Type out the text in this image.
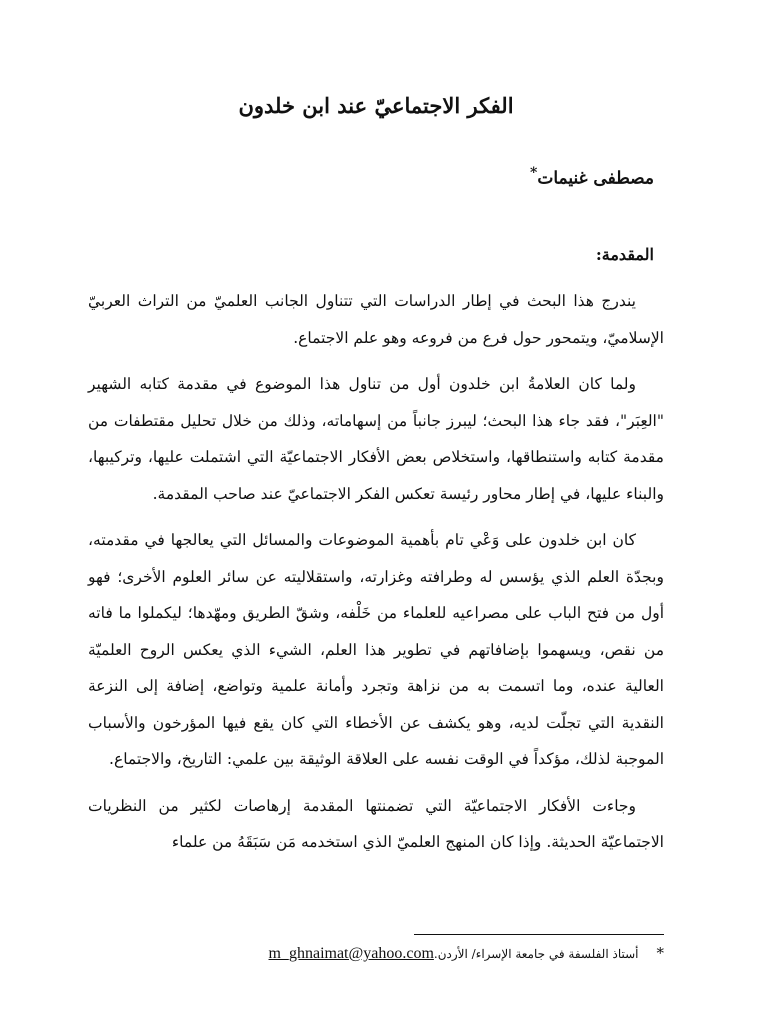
الفكر الاجتماعيّ عند ابن خلدون

مصطفى غنيمات*

المقدمة:

يندرج هذا البحث في إطار الدراسات التي تتناول الجانب العلميّ من التراث العربيّ الإسلاميّ، ويتمحور حول فرع من فروعه وهو علم الاجتماع.

ولما كان العلامةُ ابن خلدون أول من تناول هذا الموضوع في مقدمة كتابه الشهير "العِبَر"، فقد جاء هذا البحث؛ ليبرز جانباً من إسهاماته، وذلك من خلال تحليل مقتطفات من مقدمة كتابه واستنطاقها، واستخلاص بعض الأفكار الاجتماعيّة التي اشتملت عليها، وتركيبها، والبناء عليها، في إطار محاور رئيسة تعكس الفكر الاجتماعيّ عند صاحب المقدمة.

كان ابن خلدون على وَعْي تام بأهمية الموضوعات والمسائل التي يعالجها في مقدمته، وبجدّة العلم الذي يؤسس له وطرافته وغزارته، واستقلاليته عن سائر العلوم الأخرى؛ فهو أول من فتح الباب على مصراعيه للعلماء من خَلْفه، وشقّ الطريق ومهّدها؛ ليكملوا ما فاته من نقص، ويسهموا بإضافاتهم في تطوير هذا العلم، الشيء الذي يعكس الروح العلميّة العالية عنده، وما اتسمت به من نزاهة وتجرد وأمانة علمية وتواضع، إضافة إلى النزعة النقدية التي تجلّت لديه، وهو يكشف عن الأخطاء التي كان يقع فيها المؤرخون والأسباب الموجبة لذلك، مؤكداً في الوقت نفسه على العلاقة الوثيقة بين علمي: التاريخ، والاجتماع.

وجاءت الأفكار الاجتماعيّة التي تضمنتها المقدمة إرهاصات لكثير من النظريات الاجتماعيّة الحديثة. وإذا كان المنهج العلميّ الذي استخدمه مَن سَبَقَهُ من علماء

*أستاذ الفلسفة في جامعة الإسراء/ الأردن.m_ghnaimat@yahoo.com
